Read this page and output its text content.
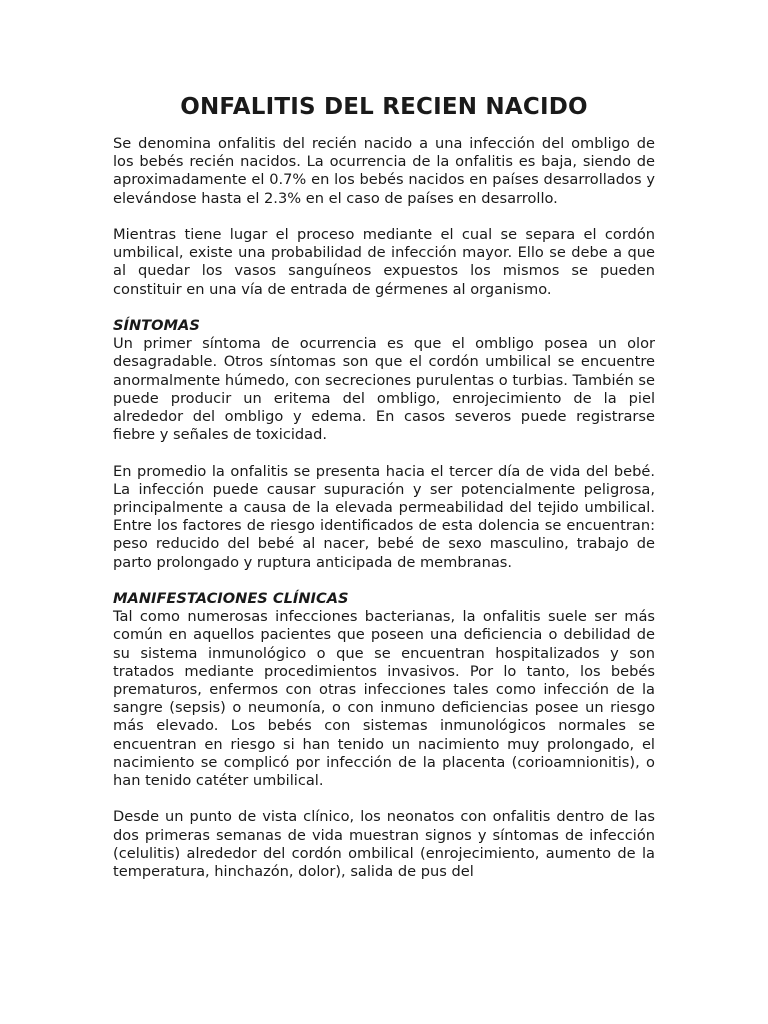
ONFALITIS DEL RECIEN NACIDO

Se denomina onfalitis del recién nacido a una infección del ombligo de los bebés recién nacidos. La ocurrencia de la onfalitis es baja, siendo de aproximadamente el 0.7% en los bebés nacidos en países desarrollados y elevándose hasta el 2.3% en el caso de países en desarrollo.

Mientras tiene lugar el proceso mediante el cual se separa el cordón umbilical, existe una probabilidad de infección mayor. Ello se debe a que al quedar los vasos sanguíneos expuestos los mismos se pueden constituir en una vía de entrada de gérmenes al organismo.

SÍNTOMAS

Un primer síntoma de ocurrencia es que el ombligo posea un olor desagradable. Otros síntomas son que el cordón umbilical se encuentre anormalmente húmedo, con secreciones purulentas o turbias. También se puede producir un eritema del ombligo, enrojecimiento de la piel alrededor del ombligo y edema. En casos severos puede registrarse fiebre y señales de toxicidad.

En promedio la onfalitis se presenta hacia el tercer día de vida del bebé. La infección puede causar supuración y ser potencialmente peligrosa, principalmente a causa de la elevada permeabilidad del tejido umbilical. Entre los factores de riesgo identificados de esta dolencia se encuentran: peso reducido del bebé al nacer, bebé de sexo masculino, trabajo de parto prolongado y ruptura anticipada de membranas.

MANIFESTACIONES CLÍNICAS

Tal como numerosas infecciones bacterianas, la onfalitis suele ser más común en aquellos pacientes que poseen una deficiencia o debilidad de su sistema inmunológico o que se encuentran hospitalizados y son tratados mediante procedimientos invasivos. Por lo tanto, los bebés prematuros, enfermos con otras infecciones tales como infección de la sangre (sepsis) o neumonía, o con inmuno deficiencias posee un riesgo más elevado. Los bebés con sistemas inmunológicos normales se encuentran en riesgo si han tenido un nacimiento muy prolongado, el nacimiento se complicó por infección de la placenta (corioamnionitis), o han tenido catéter umbilical.

Desde un punto de vista clínico, los neonatos con onfalitis dentro de las dos primeras semanas de vida muestran signos y síntomas de infección (celulitis) alrededor del cordón ombilical (enrojecimiento, aumento de la temperatura, hinchazón, dolor), salida de pus del
